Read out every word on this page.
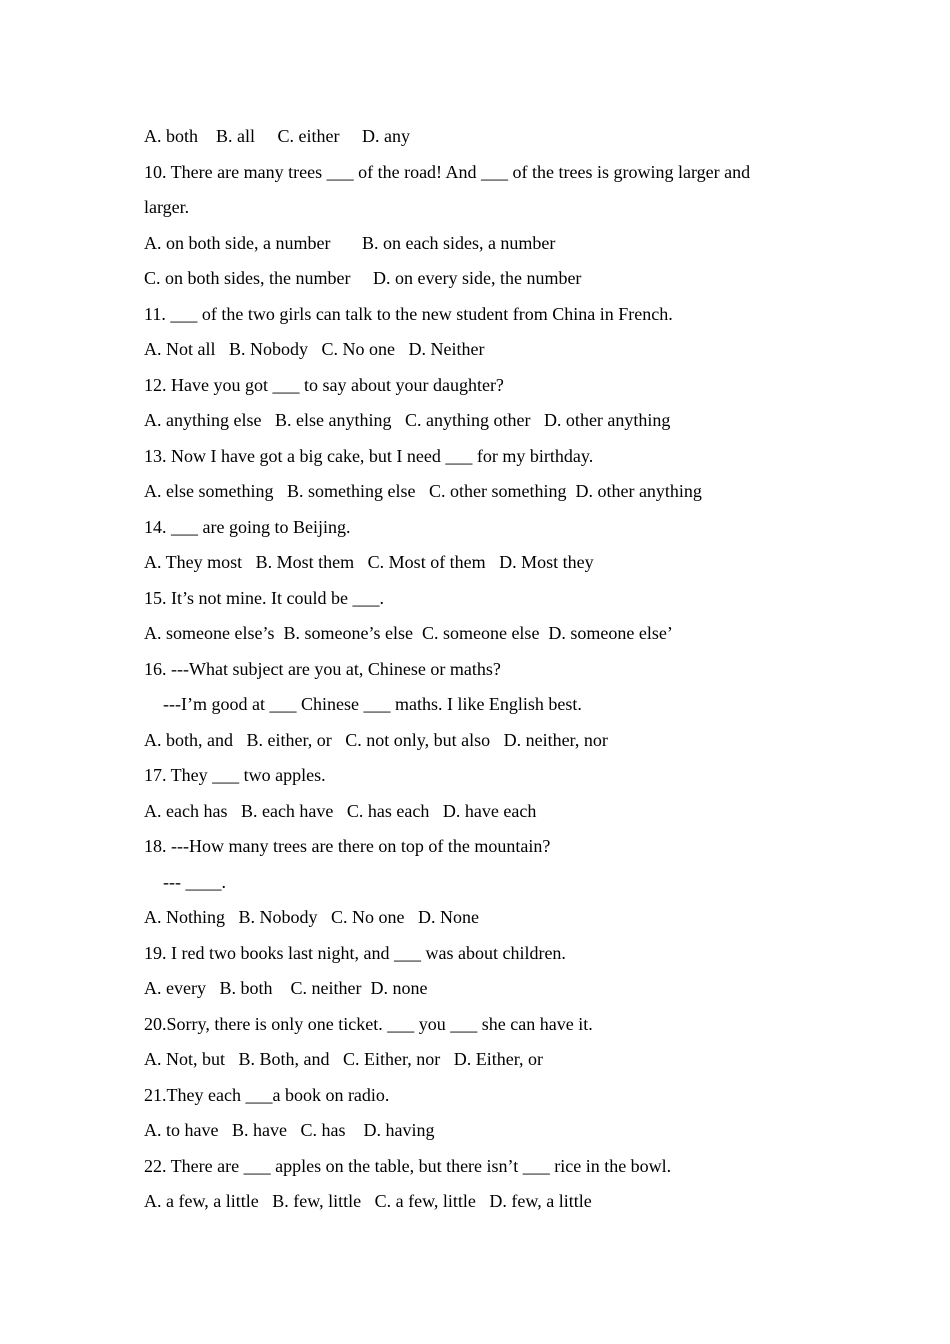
A. both    B. all     C. either     D. any
10. There are many trees ___ of the road! And ___ of the trees is growing larger and
larger.
A. on both side, a number       B. on each sides, a number
C. on both sides, the number     D. on every side, the number
11. ___ of the two girls can talk to the new student from China in French.
A. Not all   B. Nobody   C. No one   D. Neither
12. Have you got ___ to say about your daughter?
A. anything else   B. else anything   C. anything other   D. other anything
13. Now I have got a big cake, but I need ___ for my birthday.
A. else something   B. something else   C. other something  D. other anything
14. ___ are going to Beijing.
A. They most   B. Most them   C. Most of them   D. Most they
15. It’s not mine. It could be ___.
A. someone else’s  B. someone’s else  C. someone else  D. someone else’
16. ---What subject are you at, Chinese or maths?
---I’m good at ___ Chinese ___ maths. I like English best.
A. both, and   B. either, or   C. not only, but also   D. neither, nor
17. They ___ two apples.
A. each has   B. each have   C. has each   D. have each
18. ---How many trees are there on top of the mountain?
--- ____.
A. Nothing   B. Nobody   C. No one   D. None
19. I red two books last night, and ___ was about children.
A. every   B. both    C. neither  D. none
20.Sorry, there is only one ticket. ___ you ___ she can have it.
A. Not, but   B. Both, and   C. Either, nor   D. Either, or
21.They each ___a book on radio.
A. to have   B. have   C. has    D. having
22. There are ___ apples on the table, but there isn’t ___ rice in the bowl.
A. a few, a little   B. few, little   C. a few, little   D. few, a little
